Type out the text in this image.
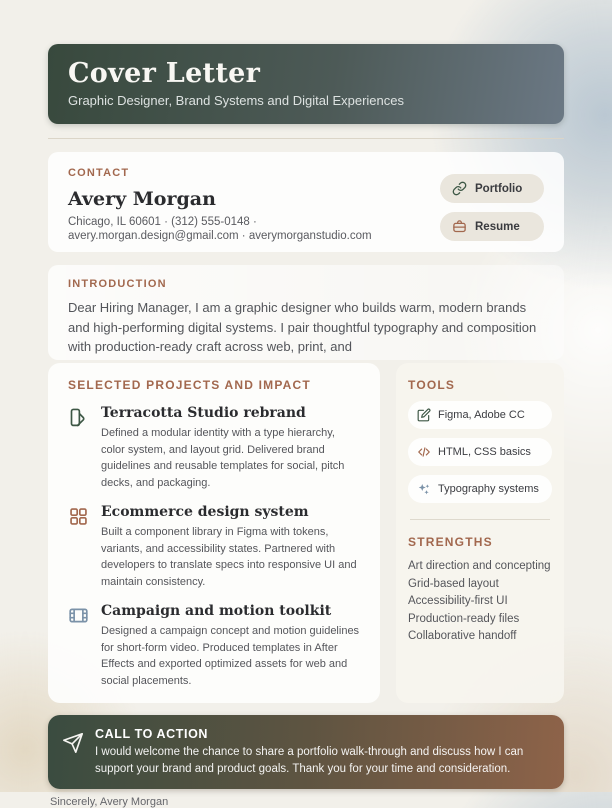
Cover Letter
Graphic Designer, Brand Systems and Digital Experiences
CONTACT
Avery Morgan
Chicago, IL 60601 · (312) 555-0148 ·
avery.morgan.design@gmail.com · averymorganstudio.com
Portfolio
Resume
INTRODUCTION
Dear Hiring Manager, I am a graphic designer who builds warm, modern brands and high-performing digital systems. I pair thoughtful typography and composition with production-ready craft across web, print, and
SELECTED PROJECTS AND IMPACT
Terracotta Studio rebrand
Defined a modular identity with a type hierarchy, color system, and layout grid. Delivered brand guidelines and reusable templates for social, pitch decks, and packaging.
Ecommerce design system
Built a component library in Figma with tokens, variants, and accessibility states. Partnered with developers to translate specs into responsive UI and maintain consistency.
Campaign and motion toolkit
Designed a campaign concept and motion guidelines for short-form video. Produced templates in After Effects and exported optimized assets for web and social placements.
TOOLS
Figma, Adobe CC
HTML, CSS basics
Typography systems
STRENGTHS
Art direction and concepting
Grid-based layout
Accessibility-first UI
Production-ready files
Collaborative handoff
CALL TO ACTION
I would welcome the chance to share a portfolio walk-through and discuss how I can support your brand and product goals. Thank you for your time and consideration.
Sincerely, Avery Morgan
